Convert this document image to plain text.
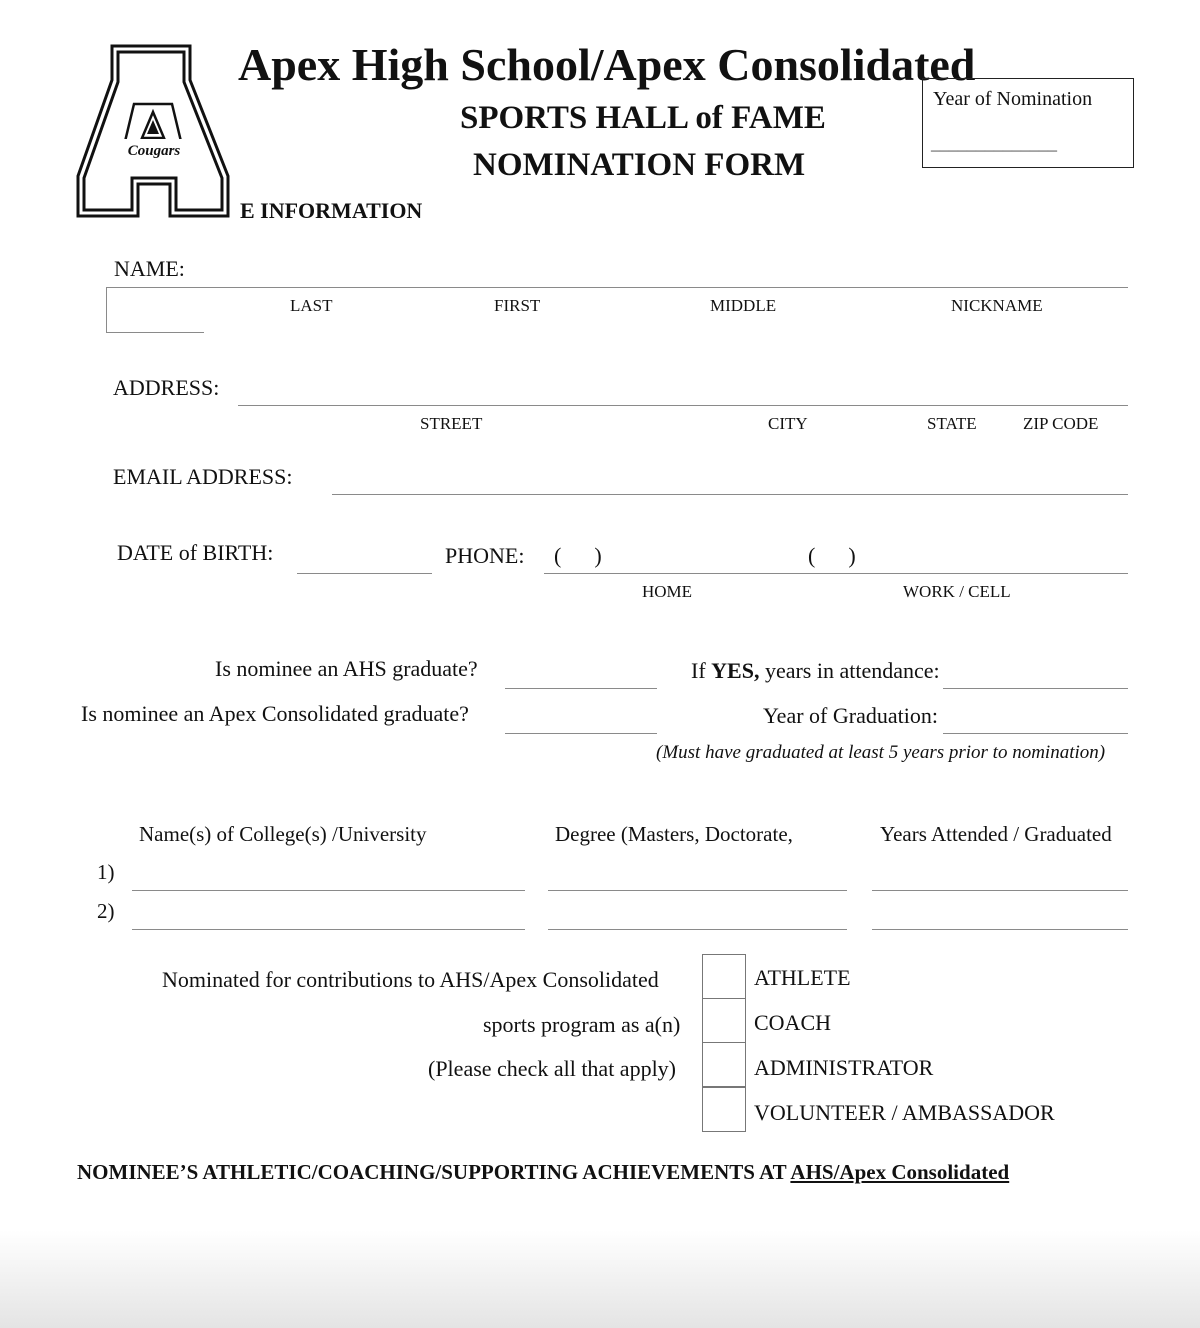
Cougars
Apex High School/Apex Consolidated
SPORTS HALL of FAME
NOMINATION FORM
Year of Nomination
______________
E INFORMATION
NAME:
LAST	FIRST	MIDDLE	NICKNAME
ADDRESS:
STREET	CITY	STATE	ZIP CODE
EMAIL ADDRESS:
DATE of BIRTH:	PHONE: (      )	(      )
HOME	WORK / CELL
Is nominee an AHS graduate?	If YES, years in attendance:
Is nominee an Apex Consolidated graduate?	Year of Graduation:
(Must have graduated at least 5 years prior to nomination)
Name(s) of College(s) /University	Degree (Masters, Doctorate,	Years Attended / Graduated
1)
2)
Nominated for contributions to AHS/Apex Consolidated
sports program as a(n)
(Please check all that apply)
ATHLETE
COACH
ADMINISTRATOR
VOLUNTEER / AMBASSADOR
NOMINEE’S ATHLETIC/COACHING/SUPPORTING ACHIEVEMENTS AT AHS/Apex Consolidated
